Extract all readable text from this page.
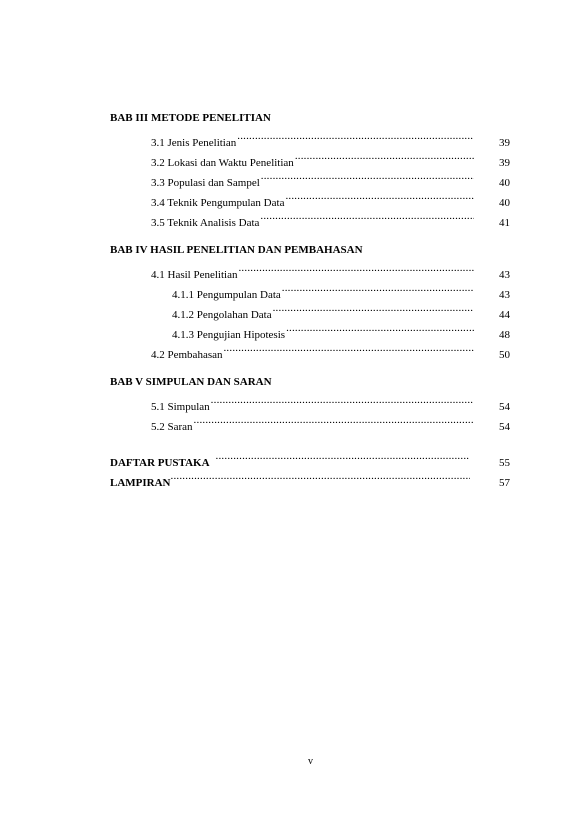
BAB III METODE PENELITIAN
3.1 Jenis Penelitian .....	39
3.2 Lokasi dan Waktu Penelitian .....	39
3.3 Populasi dan Sampel .....	40
3.4 Teknik Pengumpulan Data .....	40
3.5 Teknik Analisis Data .....	41
BAB IV HASIL PENELITIAN DAN PEMBAHASAN
4.1 Hasil Penelitian .....	43
4.1.1 Pengumpulan Data .....	43
4.1.2 Pengolahan Data .....	44
4.1.3 Pengujian Hipotesis .....	48
4.2 Pembahasan .....	50
BAB V SIMPULAN DAN SARAN
5.1 Simpulan .....	54
5.2 Saran .....	54
DAFTAR PUSTAKA .....	55
LAMPIRAN .....	57
v
